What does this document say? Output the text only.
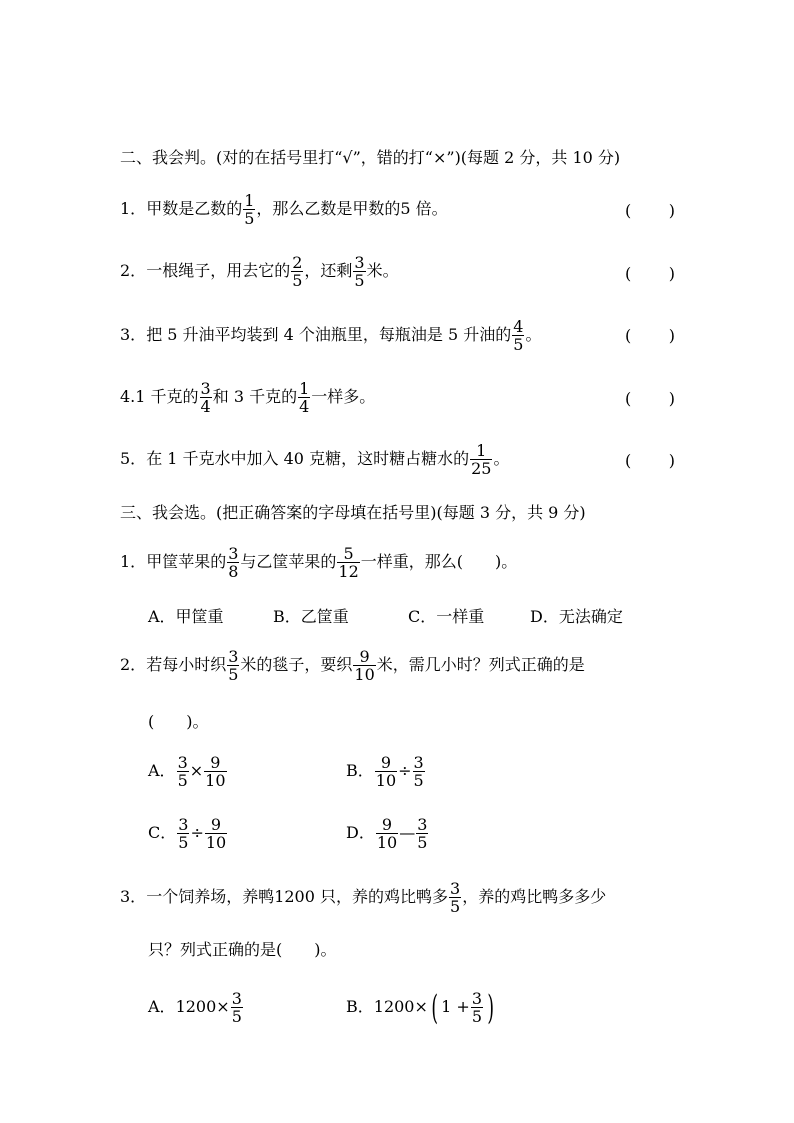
二、我会判。(对的在括号里打“√”，错的打“×”)(每题 2 分，共 10 分)
1．甲数是乙数的 $\frac{1}{5}$ ，那么乙数是甲数的5 倍。	( )
2．一根绳子，用去它的 $\frac{2}{5}$ ，还剩 $\frac{3}{5}$ 米。	( )
3．把 5 升油平均装到 4 个油瓶里，每瓶油是 5 升油的 $\frac{4}{5}$ 。	( )
4.1 千克的 $\frac{3}{4}$ 和 3 千克的 $\frac{1}{4}$ 一样多。	( )
5．在 1 千克水中加入 40 克糖，这时糖占糖水的 $\frac{1}{25}$ 。	( )
三、我会选。(把正确答案的字母填在括号里)(每题 3 分，共 9 分)
1．甲筐苹果的 $\frac{3}{8}$ 与乙筐苹果的 $\frac{5}{12}$ 一样重，那么(　　)。
A．甲筐重	B．乙筐重	C．一样重	D．无法确定
2．若每小时织 $\frac{3}{5}$ 米的毯子，要织 $\frac{9}{10}$ 米，需几小时？列式正确的是
(　　)。
A． $\frac{3}{5} \times \frac{9}{10}$	B． $\frac{9}{10} \div \frac{3}{5}$
C． $\frac{3}{5} \div \frac{9}{10}$	D． $\frac{9}{10}$ — $\frac{3}{5}$
3．一个饲养场，养鸭1200 只，养的鸡比鸭多 $\frac{3}{5}$ ，养的鸡比鸭多多少
只？列式正确的是(　　)。
A．$1200\times \frac{3}{5}$	B．1200×( $1 + \frac{3}{5}$ )
